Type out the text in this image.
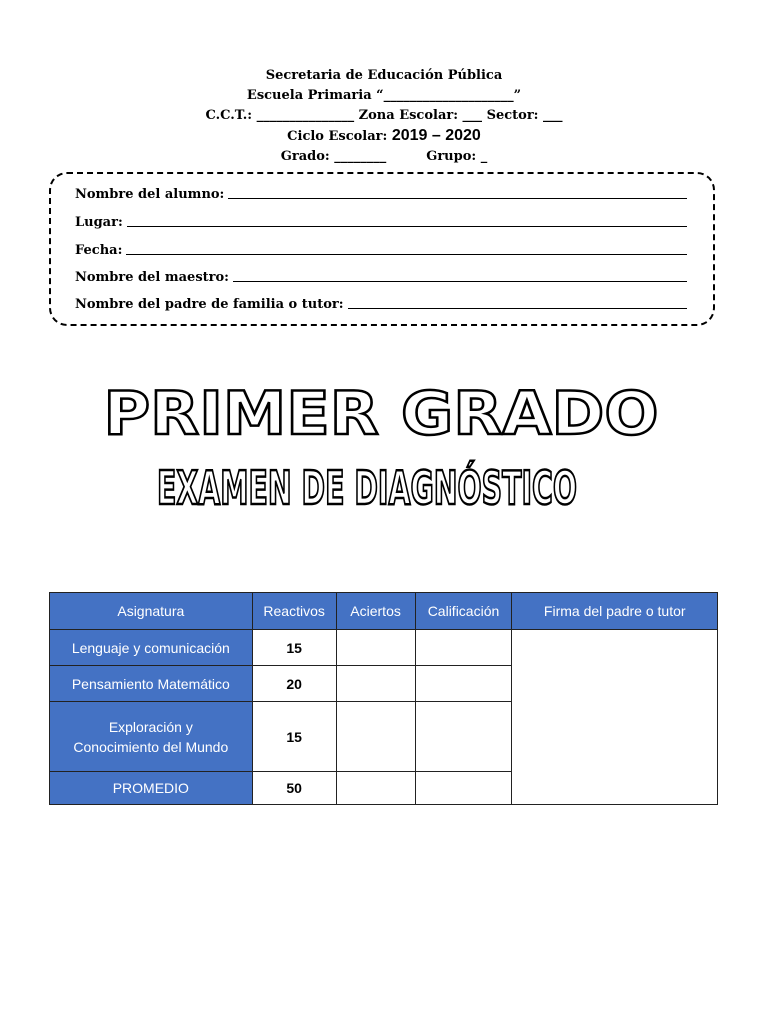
Secretaria de Educación Pública
Escuela Primaria “____________________”
C.C.T.: _______________ Zona Escolar: ___ Sector: ___
Ciclo Escolar: 2019 – 2020
Grado: ________	Grupo: _
Nombre del alumno:
Lugar:
Fecha:
Nombre del maestro:
Nombre del padre de familia o tutor:
PRIMER GRADO
EXAMEN DE DIAGNÓSTICO
Asignatura	Reactivos	Aciertos	Calificación	Firma del padre o tutor
Lenguaje y comunicación	15			
Pensamiento Matemático	20			

Exploración y
Conocimiento del Mundo	15			
PROMEDIO	50			
